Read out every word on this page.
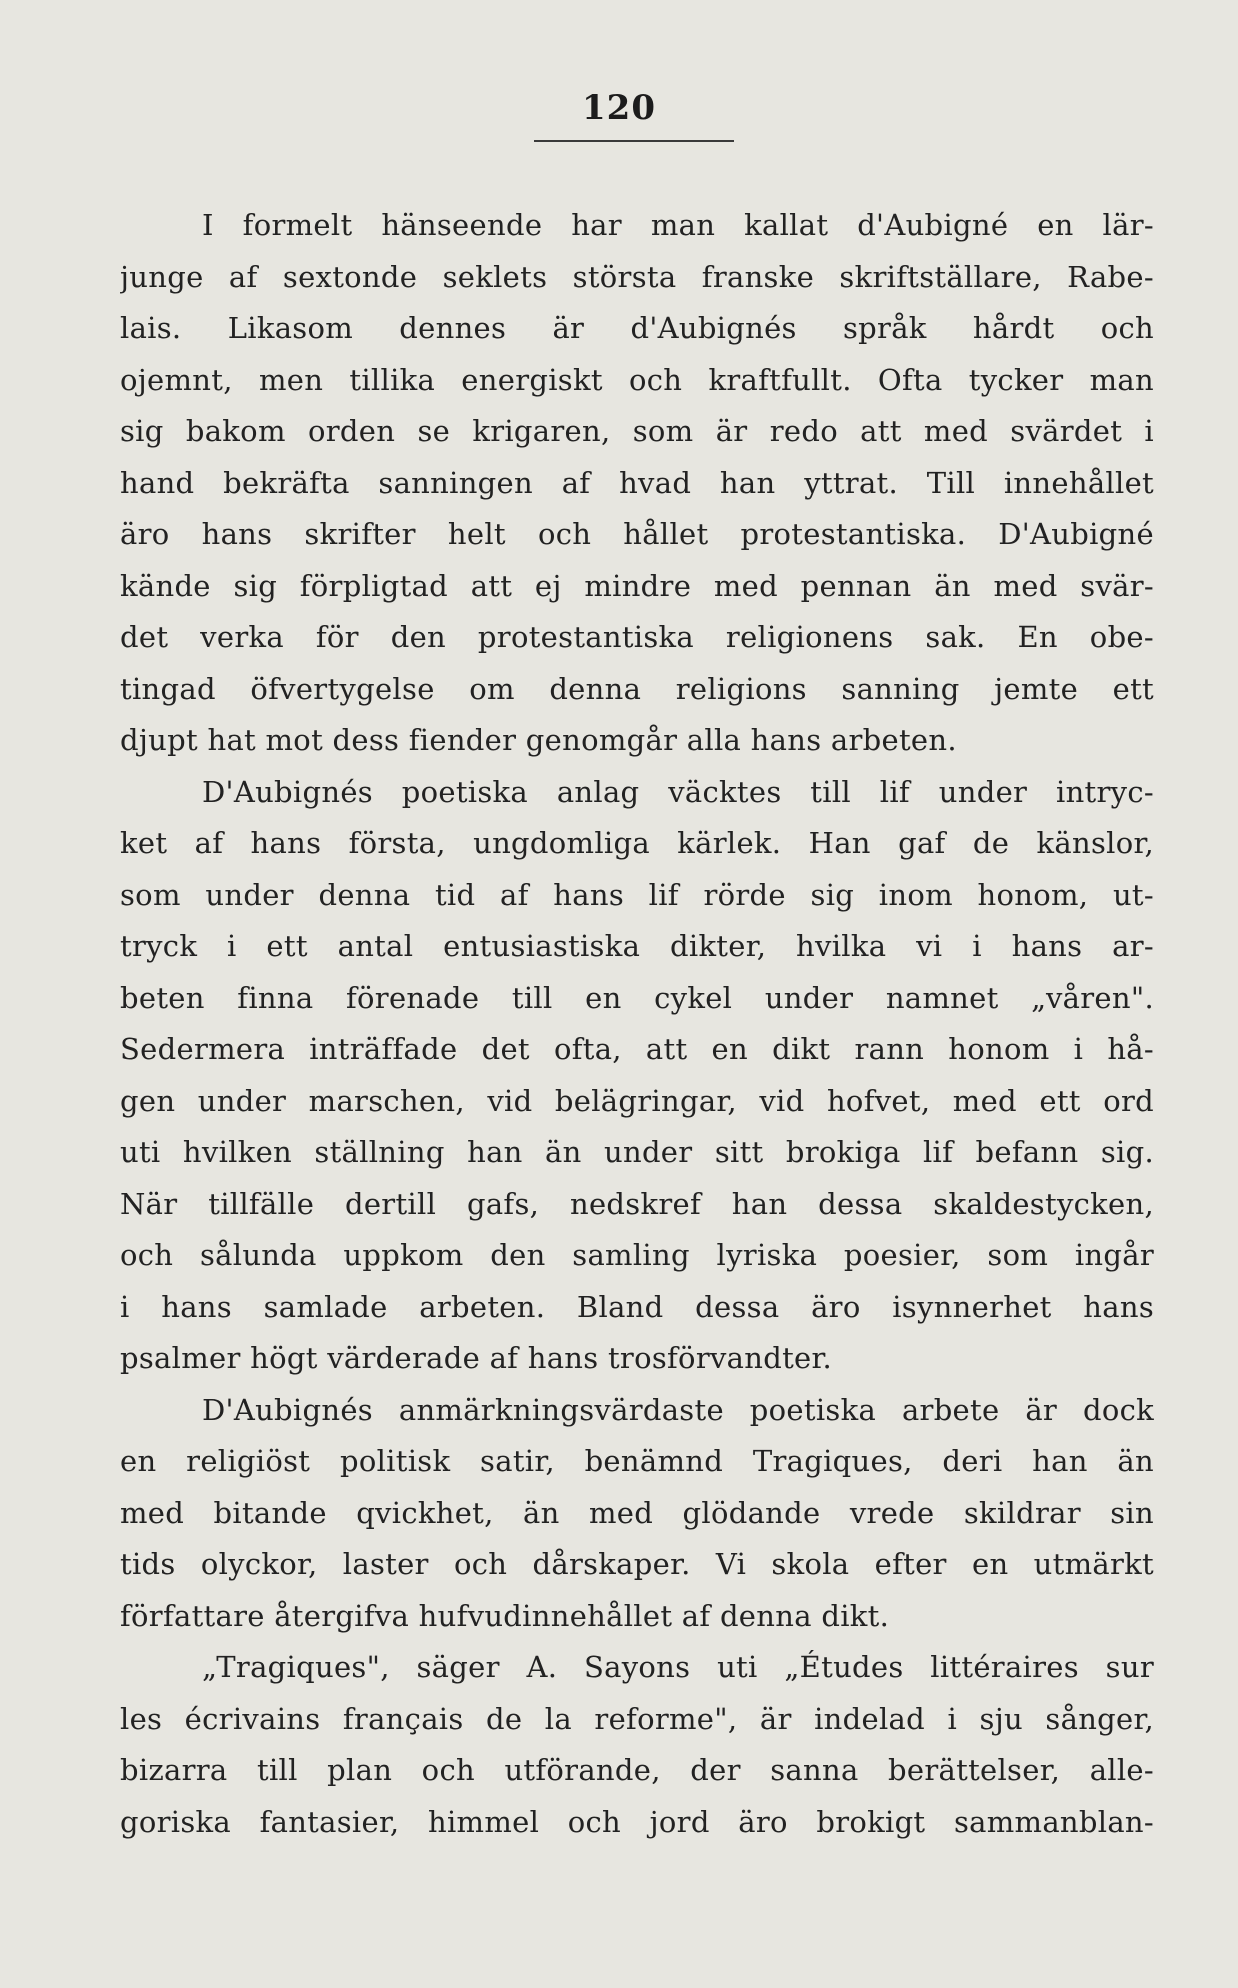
120
I formelt hänseende har man kallat d'Aubigné en lär-
junge af sextonde seklets största franske skriftställare, Rabe-
lais. Likasom dennes är d'Aubignés språk hårdt och
ojemnt, men tillika energiskt och kraftfullt. Ofta tycker man
sig bakom orden se krigaren, som är redo att med svärdet i
hand bekräfta sanningen af hvad han yttrat. Till innehållet
äro hans skrifter helt och hållet protestantiska. D'Aubigné
kände sig förpligtad att ej mindre med pennan än med svär-
det verka för den protestantiska religionens sak. En obe-
tingad öfvertygelse om denna religions sanning jemte ett
djupt hat mot dess fiender genomgår alla hans arbeten.
D'Aubignés poetiska anlag väcktes till lif under intryc-
ket af hans första, ungdomliga kärlek. Han gaf de känslor,
som under denna tid af hans lif rörde sig inom honom, ut-
tryck i ett antal entusiastiska dikter, hvilka vi i hans ar-
beten finna förenade till en cykel under namnet „våren".
Sedermera inträffade det ofta, att en dikt rann honom i hå-
gen under marschen, vid belägringar, vid hofvet, med ett ord
uti hvilken ställning han än under sitt brokiga lif befann sig.
När tillfälle dertill gafs, nedskref han dessa skaldestycken,
och sålunda uppkom den samling lyriska poesier, som ingår
i hans samlade arbeten. Bland dessa äro isynnerhet hans
psalmer högt värderade af hans trosförvandter.
D'Aubignés anmärkningsvärdaste poetiska arbete är dock
en religiöst politisk satir, benämnd Tragiques, deri han än
med bitande qvickhet, än med glödande vrede skildrar sin
tids olyckor, laster och dårskaper. Vi skola efter en utmärkt
författare återgifva hufvudinnehållet af denna dikt.
„Tragiques", säger A. Sayons uti „Études littéraires sur
les écrivains français de la reforme", är indelad i sju sånger,
bizarra till plan och utförande, der sanna berättelser, alle-
goriska fantasier, himmel och jord äro brokigt sammanblan-
